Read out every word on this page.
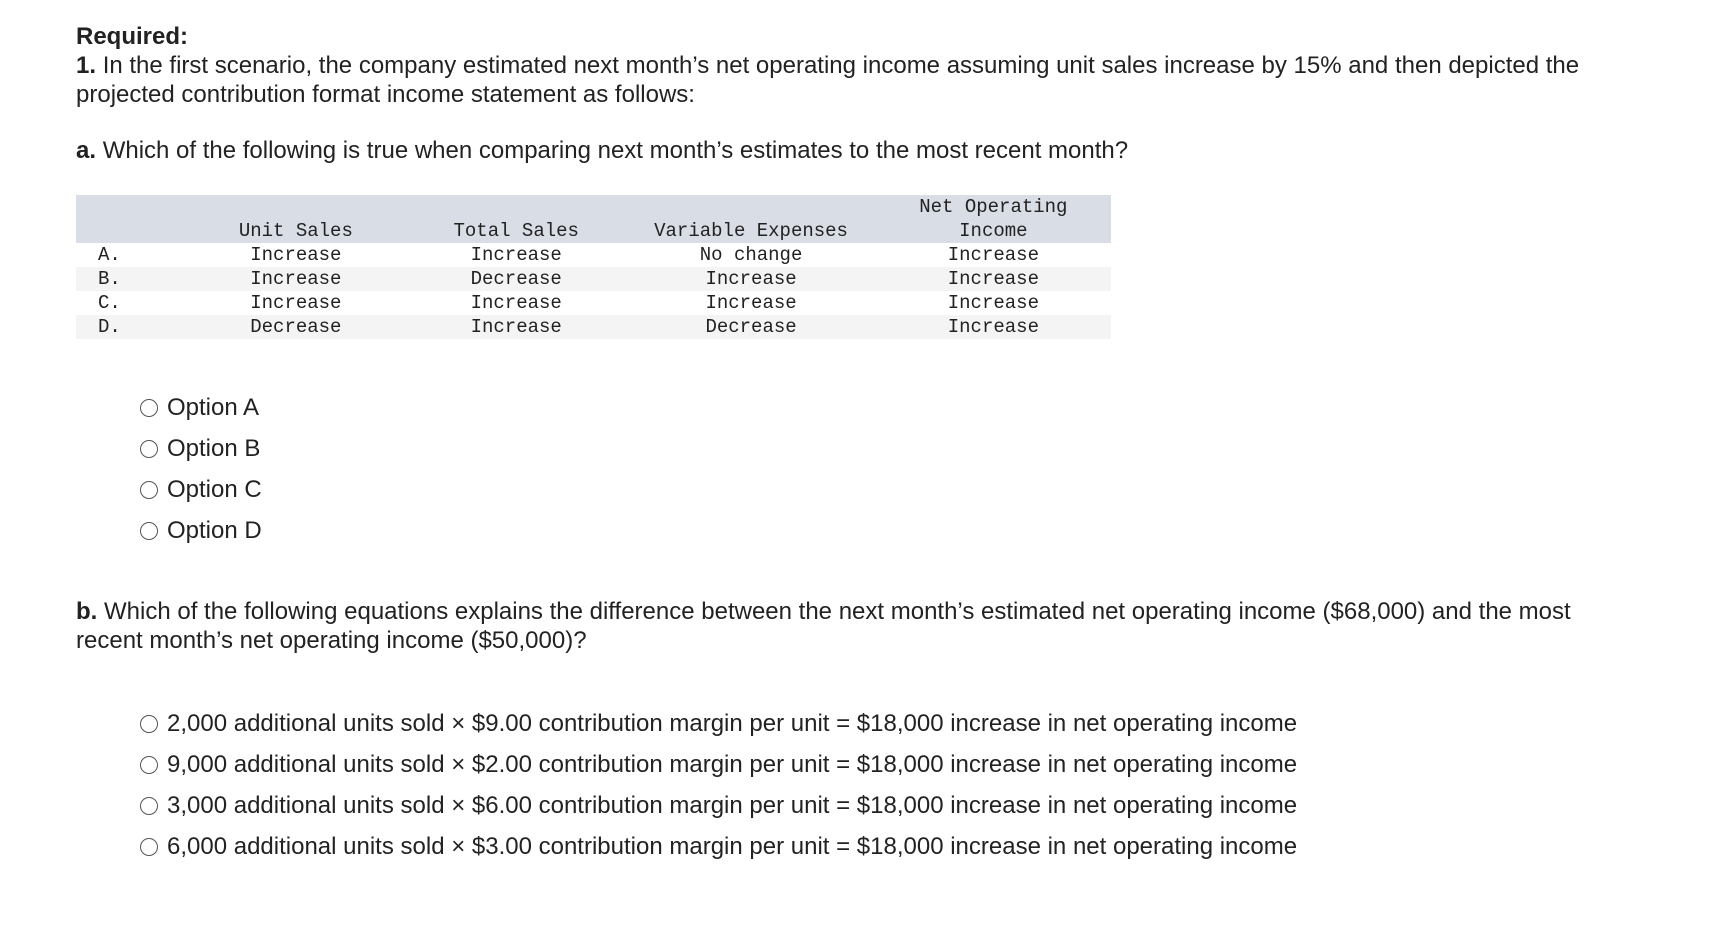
Required:

1. In the first scenario, the company estimated next month’s net operating income assuming unit sales increase by 15% and then depicted the projected contribution format income statement as follows:

a. Which of the following is true when comparing next month’s estimates to the most recent month?

	Unit Sales	Total Sales	Variable Expenses	Net Operating
Income
A.	Increase	Increase	No change	Increase
B.	Increase	Decrease	Increase	Increase
C.	Increase	Increase	Increase	Increase
D.	Decrease	Increase	Decrease	Increase
Option A
Option B
Option C
Option D

b. Which of the following equations explains the difference between the next month’s estimated net operating income ($68,000) and the most recent month’s net operating income ($50,000)?

2,000 additional units sold × $9.00 contribution margin per unit = $18,000 increase in net operating income
9,000 additional units sold × $2.00 contribution margin per unit = $18,000 increase in net operating income
3,000 additional units sold × $6.00 contribution margin per unit = $18,000 increase in net operating income
6,000 additional units sold × $3.00 contribution margin per unit = $18,000 increase in net operating income
